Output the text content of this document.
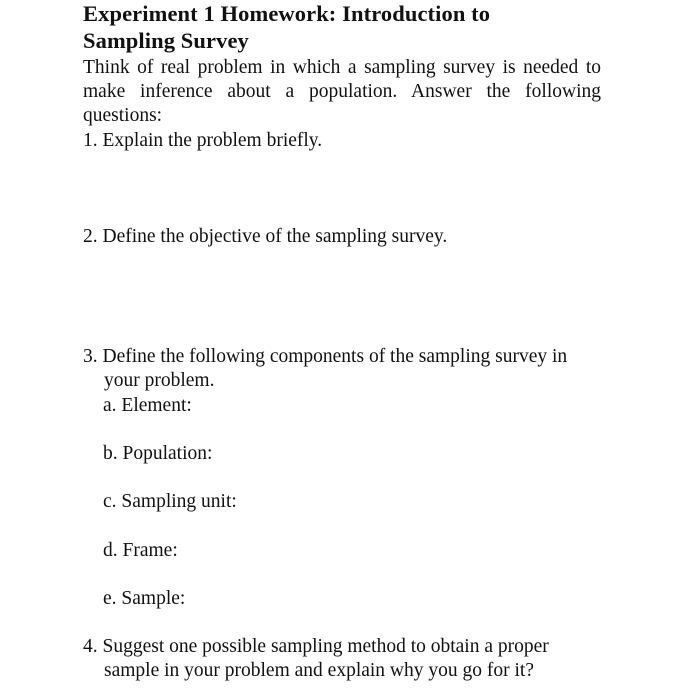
Experiment 1 Homework: Introduction to
Sampling Survey

Think of real problem in which a sampling survey is needed to make inference about a population. Answer the following questions:

1. Explain the problem briefly.

2. Define the objective of the sampling survey.

3. Define the following components of the sampling survey in
your problem.

a. Element:

b. Population:

c. Sampling unit:

d. Frame:

e. Sample:

4. Suggest one possible sampling method to obtain a proper
sample in your problem and explain why you go for it?
